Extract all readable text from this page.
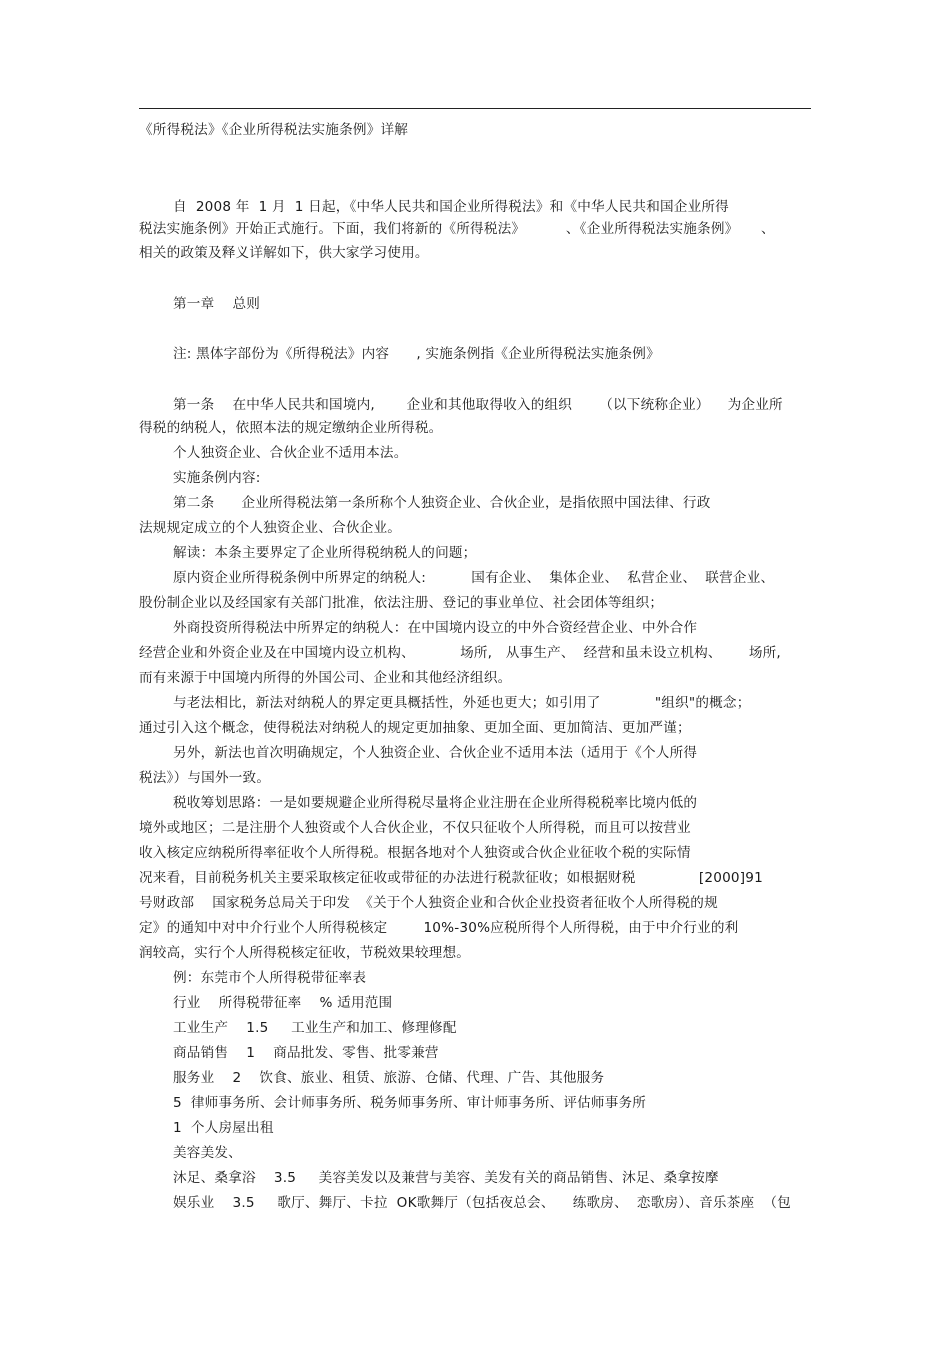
《所得税法》《企业所得税法实施条例》详解
自  2008 年  1 月  1 日起，《中华人民共和国企业所得税法》和《中华人民共和国企业所得
税法实施条例》开始正式施行。下面，我们将新的《所得税法》         、《企业所得税法实施条例》     、
相关的政策及释义详解如下，供大家学习使用。
第一章    总则
注: 黑体字部份为《所得税法》内容      , 实施条例指《企业所得税法实施条例》
第一条    在中华人民共和国境内,       企业和其他取得收入的组织      （以下统称企业）    为企业所
得税的纳税人，依照本法的规定缴纳企业所得税。
个人独资企业、合伙企业不适用本法。
实施条例内容:
第二条      企业所得税法第一条所称个人独资企业、合伙企业，是指依照中国法律、行政
法规规定成立的个人独资企业、合伙企业。
解读：本条主要界定了企业所得税纳税人的问题；
原内资企业所得税条例中所界定的纳税人:          国有企业、  集体企业、  私营企业、  联营企业、
股份制企业以及经国家有关部门批准，依法注册、登记的事业单位、社会团体等组织；
外商投资所得税法中所界定的纳税人：在中国境内设立的中外合资经营企业、中外合作
经营企业和外资企业及在中国境内设立机构、          场所,   从事生产、  经营和虽未设立机构、      场所,
而有来源于中国境内所得的外国公司、企业和其他经济组织。
与老法相比，新法对纳税人的界定更具概括性，外延也更大；如引用了            "组织"的概念；
通过引入这个概念，使得税法对纳税人的规定更加抽象、更加全面、更加简洁、更加严谨；
另外，新法也首次明确规定，个人独资企业、合伙企业不适用本法（适用于《个人所得
税法》）与国外一致。
税收筹划思路：一是如要规避企业所得税尽量将企业注册在企业所得税税率比境内低的
境外或地区；二是注册个人独资或个人合伙企业，不仅只征收个人所得税，而且可以按营业
收入核定应纳税所得率征收个人所得税。根据各地对个人独资或合伙企业征收个税的实际情
况来看，目前税务机关主要采取核定征收或带征的办法进行税款征收；如根据财税              [2000]91
号财政部    国家税务总局关于印发  《关于个人独资企业和合伙企业投资者征收个人所得税的规
定》的通知中对中介行业个人所得税核定        10%-30%应税所得个人所得税，由于中介行业的利
润较高，实行个人所得税核定征收，节税效果较理想。
例：东莞市个人所得税带征率表
行业    所得税带征率    % 适用范围
工业生产    1.5     工业生产和加工、修理修配
商品销售    1    商品批发、零售、批零兼营
服务业    2    饮食、旅业、租赁、旅游、仓储、代理、广告、其他服务
5  律师事务所、会计师事务所、税务师事务所、审计师事务所、评估师事务所
1  个人房屋出租
美容美发、
沐足、桑拿浴    3.5     美容美发以及兼营与美容、美发有关的商品销售、沐足、桑拿按摩
娱乐业    3.5     歌厅、舞厅、卡拉  OK歌舞厅（包括夜总会、    练歌房、  恋歌房）、音乐茶座  （包
